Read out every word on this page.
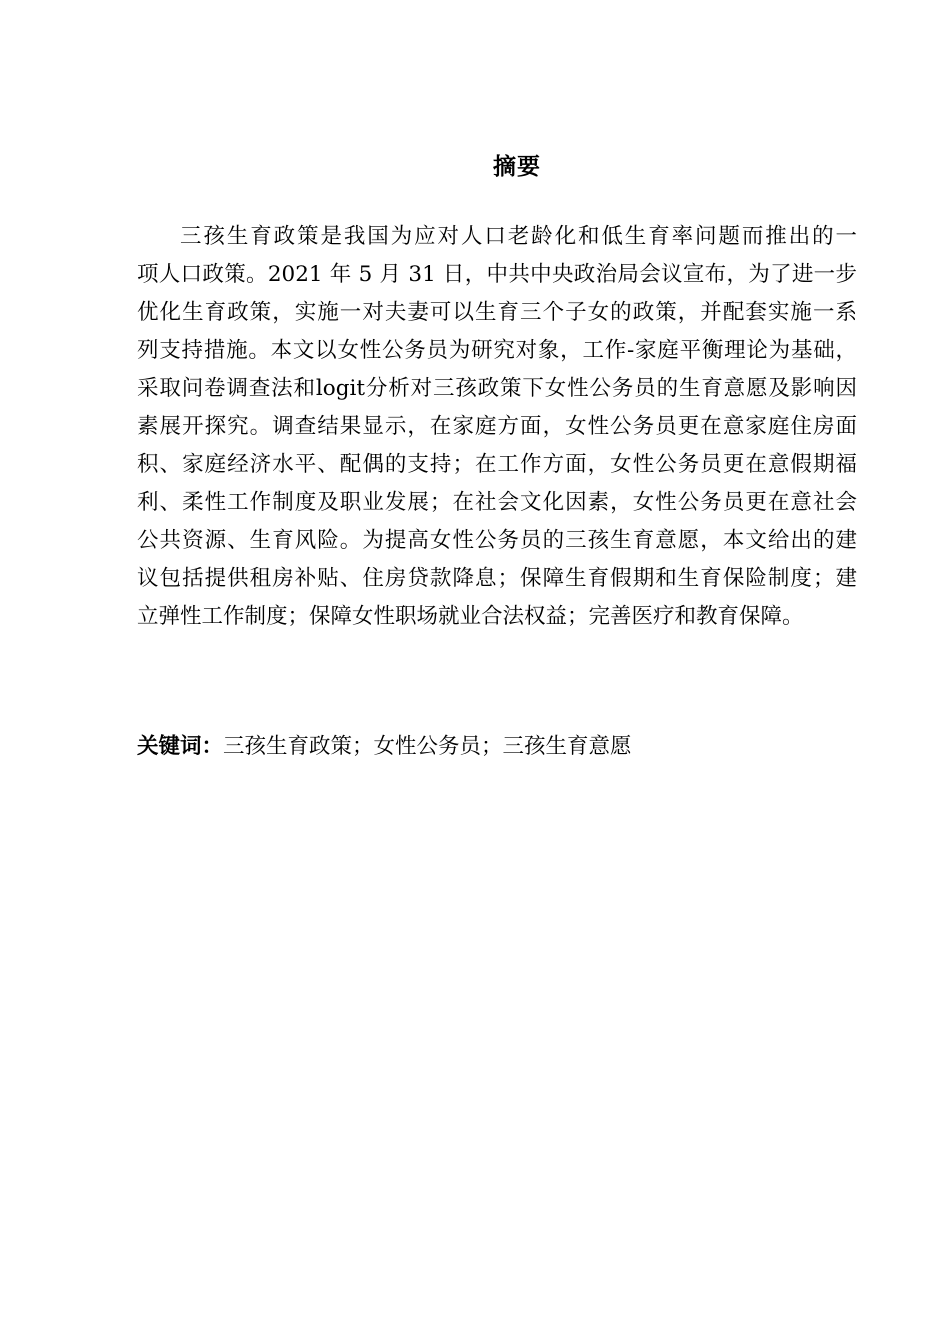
摘要
三孩生育政策是我国为应对人口老龄化和低生育率问题而推出的一
项人口政策。2021 年 5 月 31 日，中共中央政治局会议宣布，为了进一步
优化生育政策，实施一对夫妻可以生育三个子女的政策，并配套实施一系
列支持措施。本文以女性公务员为研究对象，工作-家庭平衡理论为基础，
采取问卷调查法和logit分析对三孩政策下女性公务员的生育意愿及影响因
素展开探究。调查结果显示，在家庭方面，女性公务员更在意家庭住房面
积、家庭经济水平、配偶的支持；在工作方面，女性公务员更在意假期福
利、柔性工作制度及职业发展；在社会文化因素，女性公务员更在意社会
公共资源、生育风险。为提高女性公务员的三孩生育意愿，本文给出的建
议包括提供租房补贴、住房贷款降息；保障生育假期和生育保险制度；建
立弹性工作制度；保障女性职场就业合法权益；完善医疗和教育保障。
关键词：三孩生育政策；女性公务员；三孩生育意愿
